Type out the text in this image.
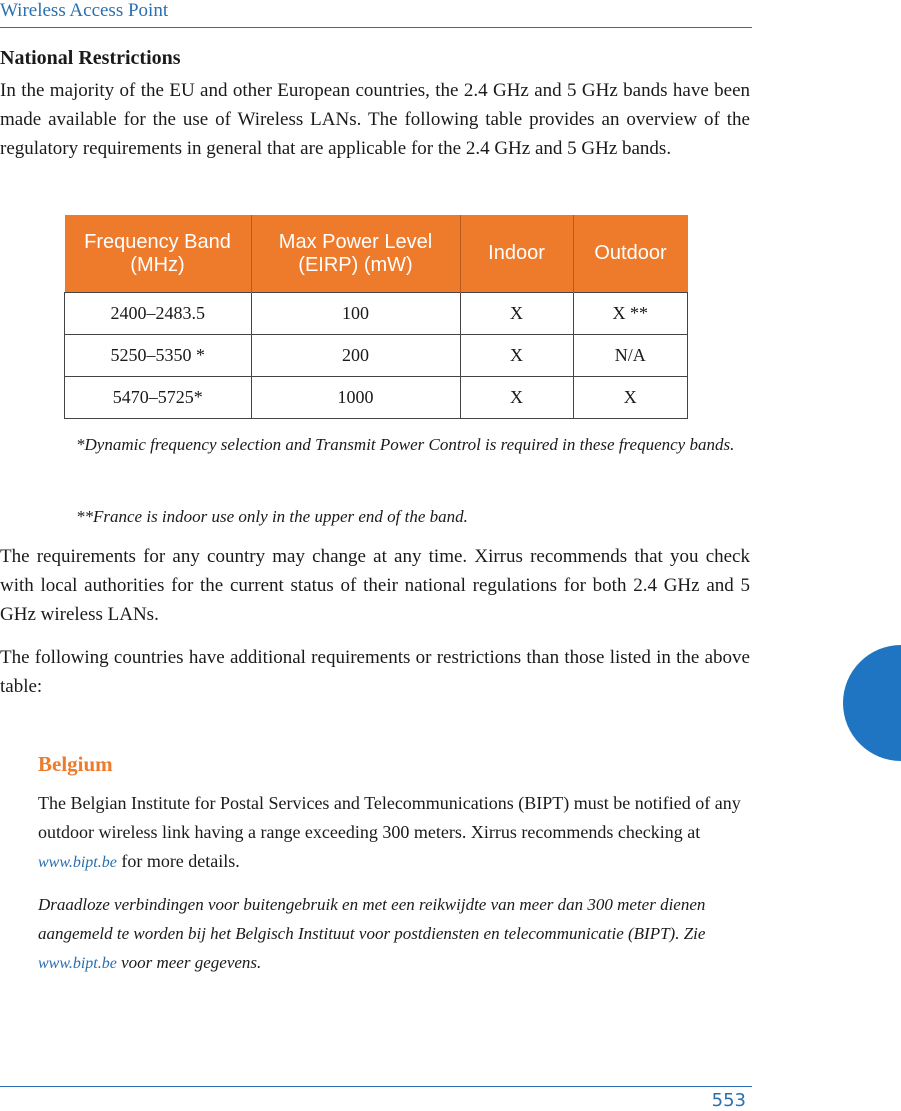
Wireless Access Point
National Restrictions
In the majority of the EU and other European countries, the 2.4 GHz and 5 GHz bands have been made available for the use of Wireless LANs. The following table provides an overview of the regulatory requirements in general that are applicable for the 2.4 GHz and 5 GHz bands.
Frequency Band (MHz)	Max Power Level (EIRP) (mW)	Indoor	Outdoor
2400–2483.5	100	X	X **
5250–5350 *	200	X	N/A
5470–5725*	1000	X	X
*Dynamic frequency selection and Transmit Power Control is required in these frequency bands.
**France is indoor use only in the upper end of the band.
The requirements for any country may change at any time. Xirrus recommends that you check with local authorities for the current status of their national regulations for both 2.4 GHz and 5 GHz wireless LANs.
The following countries have additional requirements or restrictions than those listed in the above table:
Belgium
The Belgian Institute for Postal Services and Telecommunications (BIPT) must be notified of any outdoor wireless link having a range exceeding 300 meters. Xirrus recommends checking at www.bipt.be for more details.
Draadloze verbindingen voor buitengebruik en met een reikwijdte van meer dan 300 meter dienen aangemeld te worden bij het Belgisch Instituut voor postdiensten en telecommunicatie (BIPT). Zie www.bipt.be voor meer gegevens.
553
